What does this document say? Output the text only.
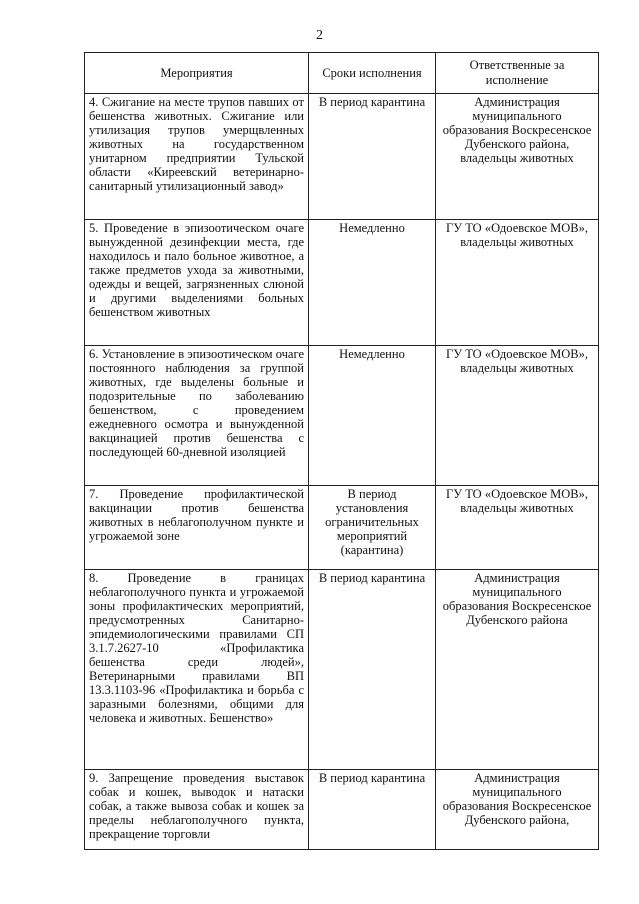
2
Мероприятия	Сроки исполнения	Ответственные за исполнение
4. Сжигание на месте трупов павших от бешенства животных. Сжигание или утилизация трупов умерщвленных животных на государственном унитарном предприятии Тульской области «Киреевский ветеринарно-санитарный утилизационный завод»	В период карантина	Администрация муниципального образования Воскресенское Дубенского района, владельцы животных
5. Проведение в эпизоотическом очаге вынужденной дезинфекции места, где находилось и пало больное животное, а также предметов ухода за животными, одежды и вещей, загрязненных слюной и другими выделениями больных бешенством животных	Немедленно	ГУ ТО «Одоевское МОВ», владельцы животных
6. Установление в эпизоотическом очаге постоянного наблюдения за группой животных, где выделены больные и подозрительные по заболеванию бешенством, с проведением ежедневного осмотра и вынужденной вакцинацией против бешенства с последующей 60-дневной изоляцией	Немедленно	ГУ ТО «Одоевское МОВ», владельцы животных
7. Проведение профилактической вакцинации против бешенства животных в неблагополучном пункте и угрожаемой зоне	В период установления ограничительных мероприятий (карантина)	ГУ ТО «Одоевское МОВ», владельцы животных
8. Проведение в границах неблагополучного пункта и угрожаемой зоны профилактических мероприятий, предусмотренных Санитарно-эпидемиологическими правилами СП 3.1.7.2627-10 «Профилактика бешенства среди людей», Ветеринарными правилами ВП 13.3.1103-96 «Профилактика и борьба с заразными болезнями, общими для человека и животных. Бешенство»	В период карантина	Администрация муниципального образования Воскресенское Дубенского района
9. Запрещение проведения выставок собак и кошек, выводок и натаски собак, а также вывоза собак и кошек за пределы неблагополучного пункта, прекращение торговли	В период карантина	Администрация муниципального образования Воскресенское Дубенского района,
